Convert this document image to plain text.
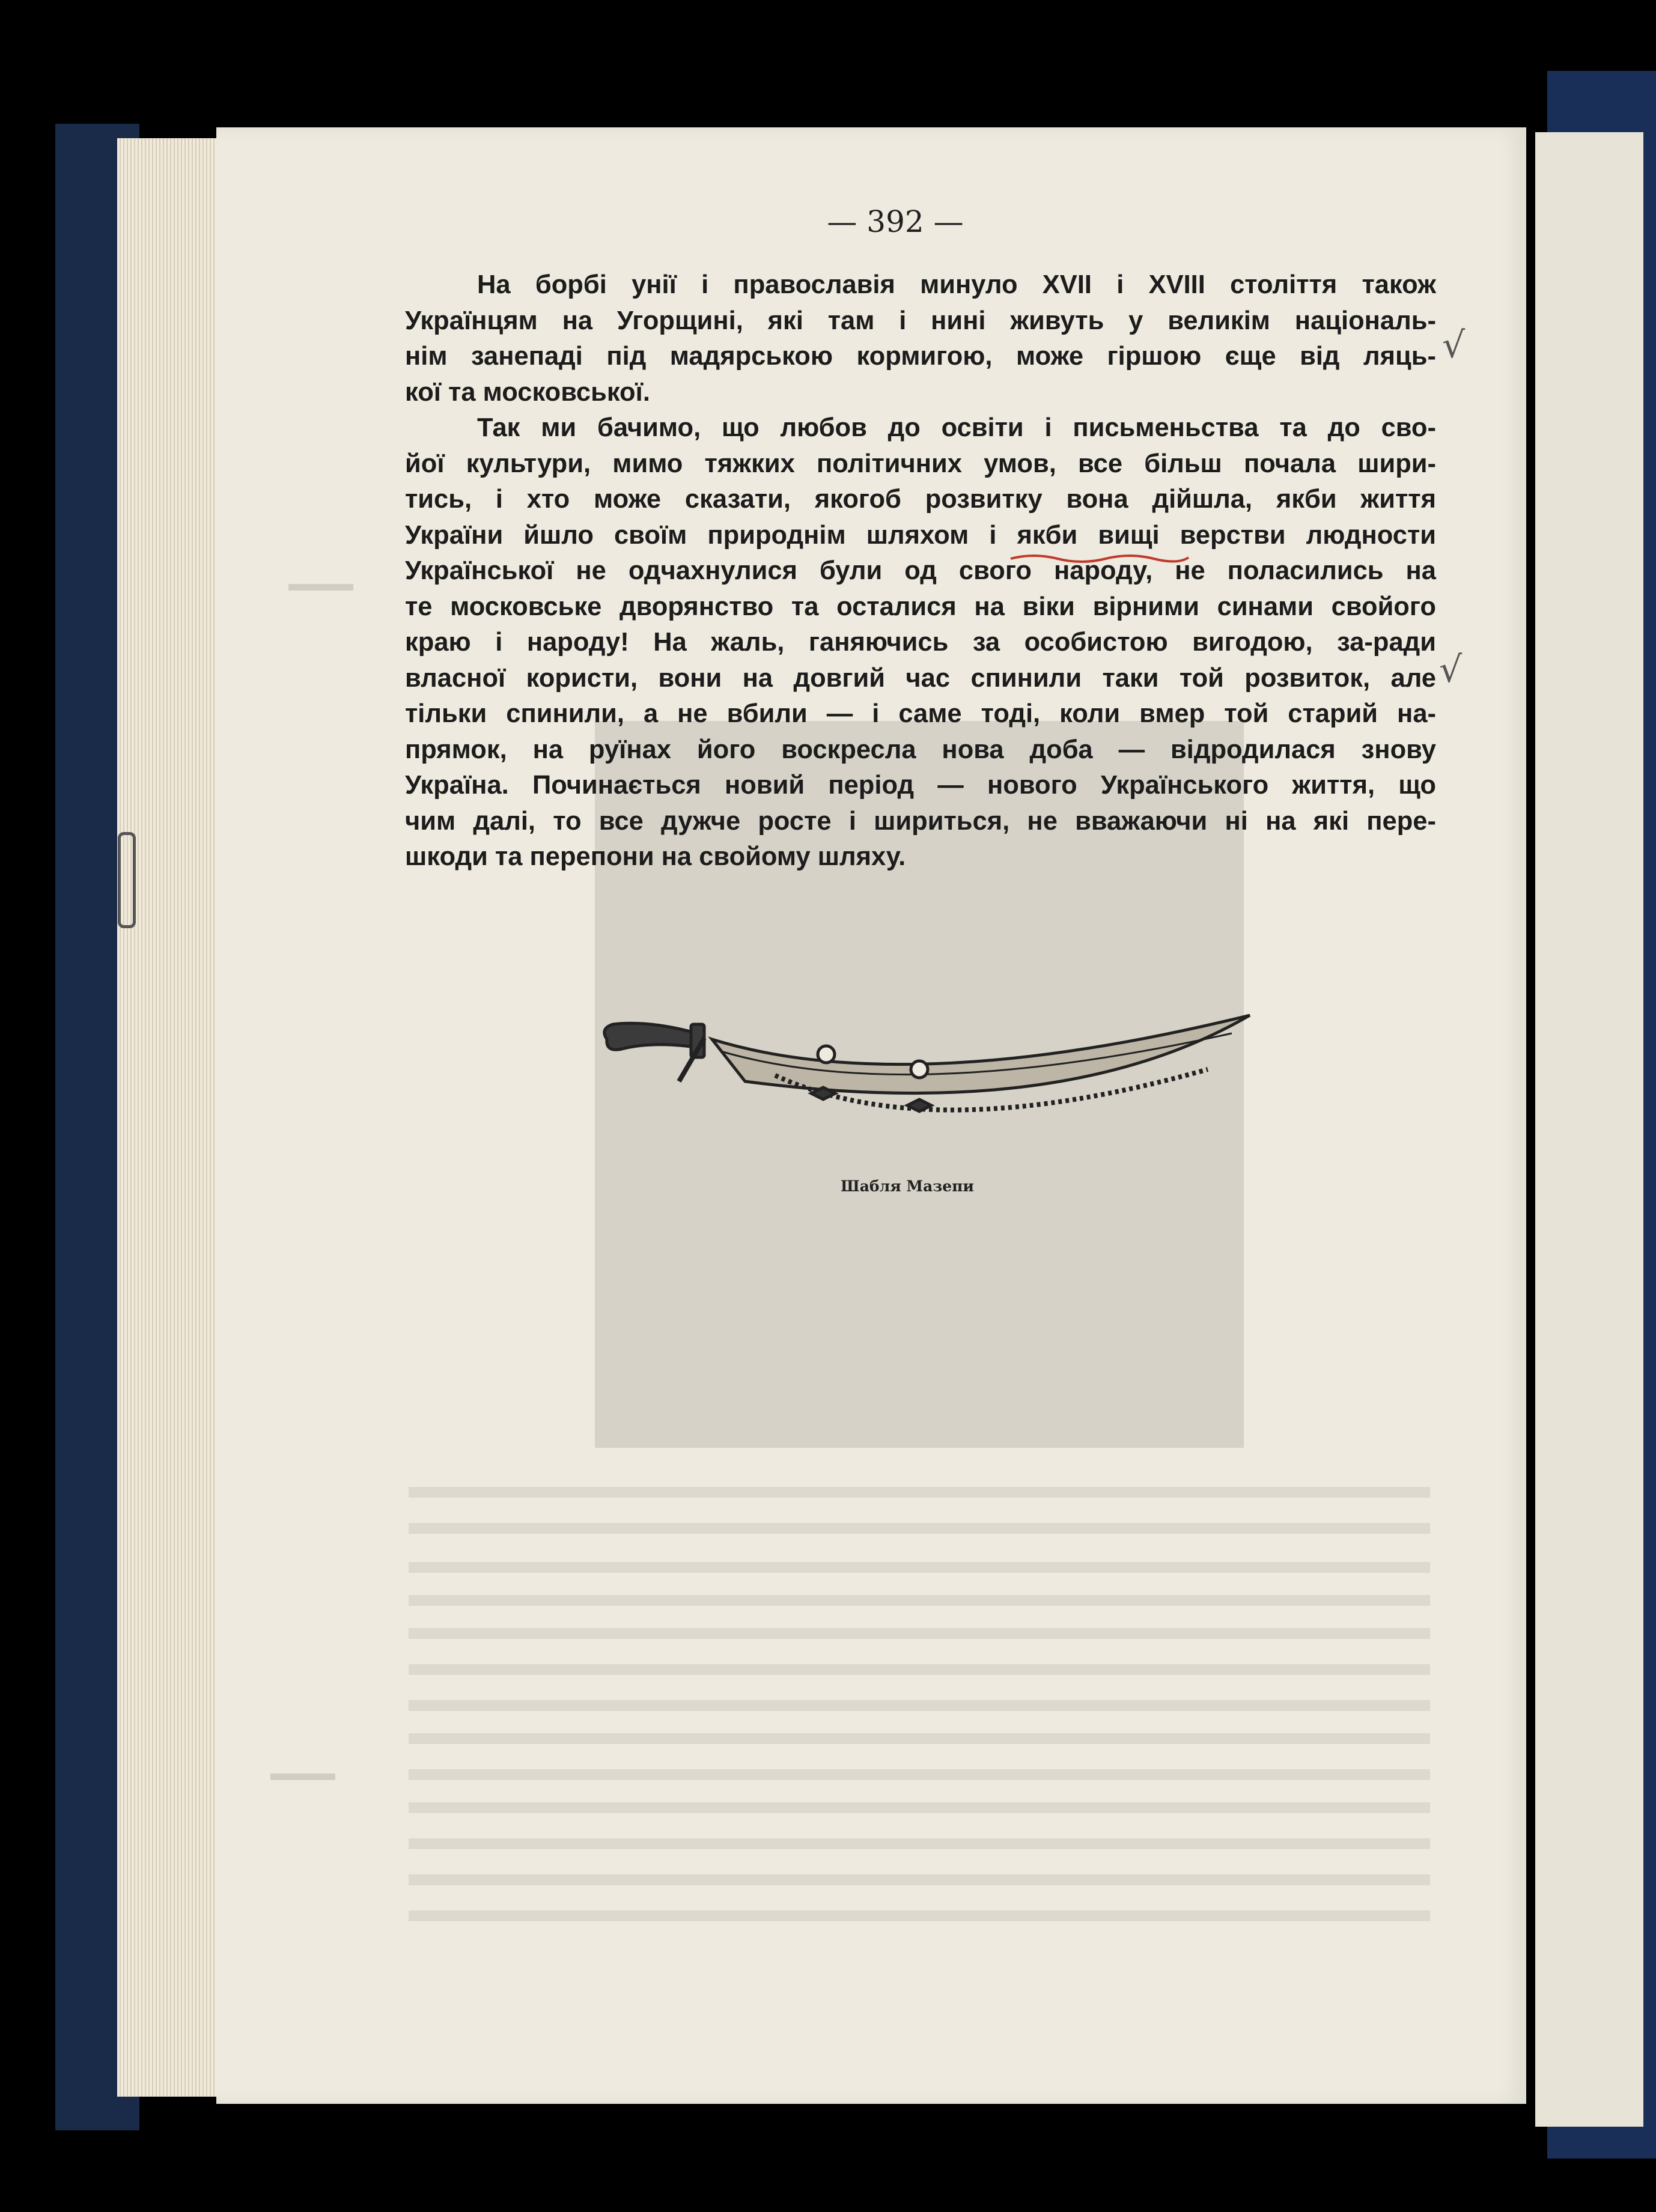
▬▬▬
▬▬▬
— 392 —

На борбі унії і православія минуло XVII і XVIII століття також
Українцям на Угорщині, які там і нині живуть у великім національ-
нім занепаді під мадярською кормигою, може гіршою єще від ляць-
кої та московської.

Так ми бачимо, що любов до освіти і письменьства та до сво-
йої культури, мимо тяжких політичних умов, все більш почала шири-
тись, і хто може сказати, якогоб розвитку вона дійшла, якби життя
України йшло своїм природнім шляхом і якби вищі верстви людности
Української не одчахнулися були од свого народу, не поласились на
те московське дворянство та осталися на віки вірними синами свойого
краю і народу! На жаль, ганяючись за особистою вигодою, за-ради
власної користи, вони на довгий час спинили таки той розвиток, але
тільки спинили, а не вбили — і саме тоді, коли вмер той старий на-
прямок, на руїнах його воскресла нова доба — відродилася знову
Україна. Починається новий період — нового Українського життя, що
чим далі, то все дужче росте і шириться, не вважаючи ні на які пере-
шкоди та перепони на свойому шляху.

√
√
Шабля Мазепи
